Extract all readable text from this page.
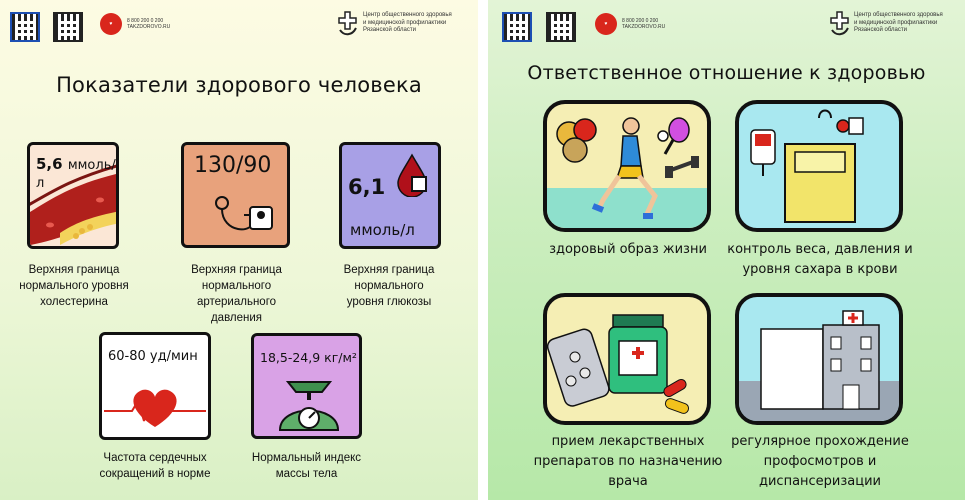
♥	8 800 200 0 200
TAKZDOROVO.RU
Центр общественного здоровья и медицинской профилактики Рязанской области
Показатели здорового человека
5,6 ммоль/л
Верхняя граница
нормального уровня
холестерина
130/90
Верхняя граница
нормального
артериального давления
6,1
ммоль/л
Верхняя граница
нормального
уровня глюкозы
60-80 уд/мин
Частота сердечных
сокращений в норме
18,5-24,9 кг/м²
Нормальный индекс
массы тела
♥	8 800 200 0 200
TAKZDOROVO.RU
Центр общественного здоровья и медицинской профилактики Рязанской области
Ответственное отношение к здоровью
здоровый образ жизни	контроль веса, давления и
уровня сахара в крови
прием лекарственных
препаратов по назначению
врача
регулярное прохождение
профосмотров и
диспансеризации
